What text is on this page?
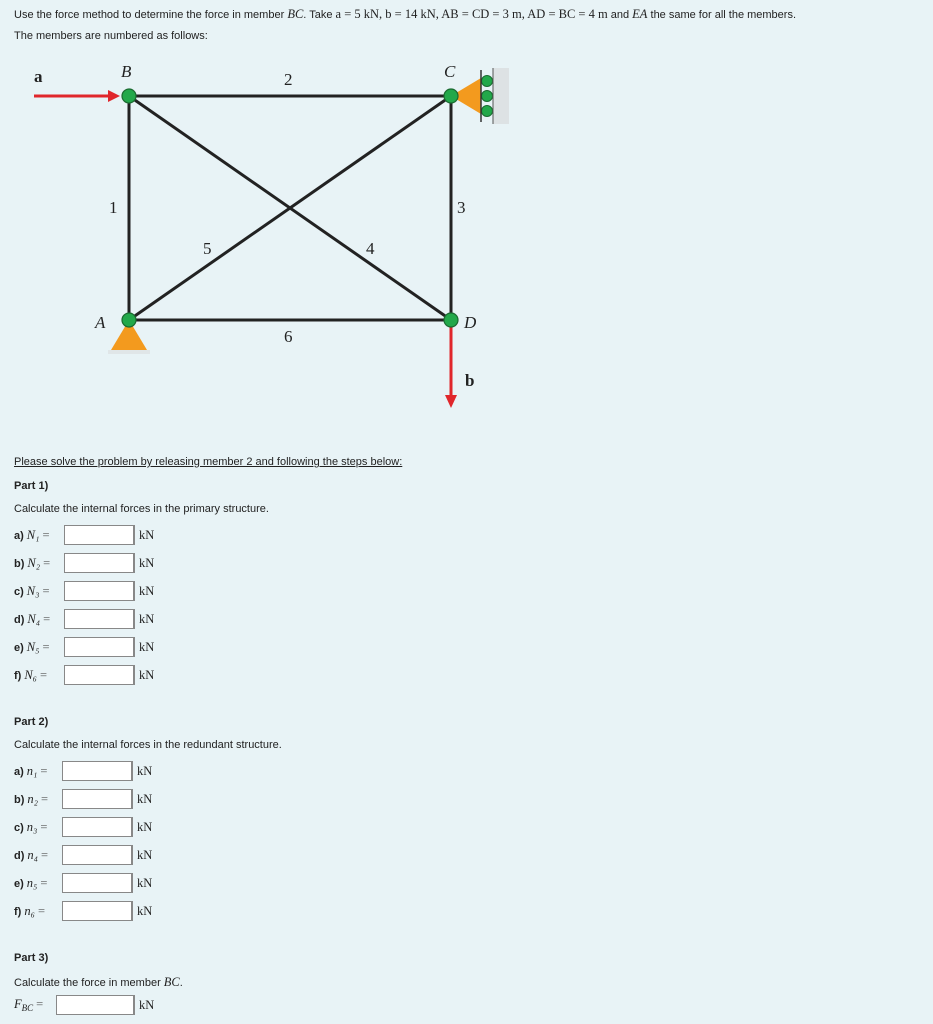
Use the force method to determine the force in member BC. Take a = 5 kN, b = 14 kN, AB = CD = 3 m, AD = BC = 4 m and EA the same for all the members.
The members are numbered as follows:
a
b
B	C
A	D
1
2
3
4
5
6
Please solve the problem by releasing member 2 and following the steps below:
Part 1)
Calculate the internal forces in the primary structure.
a) N₁ =	kN
b) N₂ =	kN
c) N₃ =	kN
d) N₄ =	kN
e) N₅ =	kN
f) N₆ =	kN
Part 2)
Calculate the internal forces in the redundant structure.
a) n₁ =	kN
b) n₂ =	kN
c) n₃ =	kN
d) n₄ =	kN
e) n₅ =	kN
f) n₆ =	kN
Part 3)
Calculate the force in member BC.
$F_{BC}$ =	kN
